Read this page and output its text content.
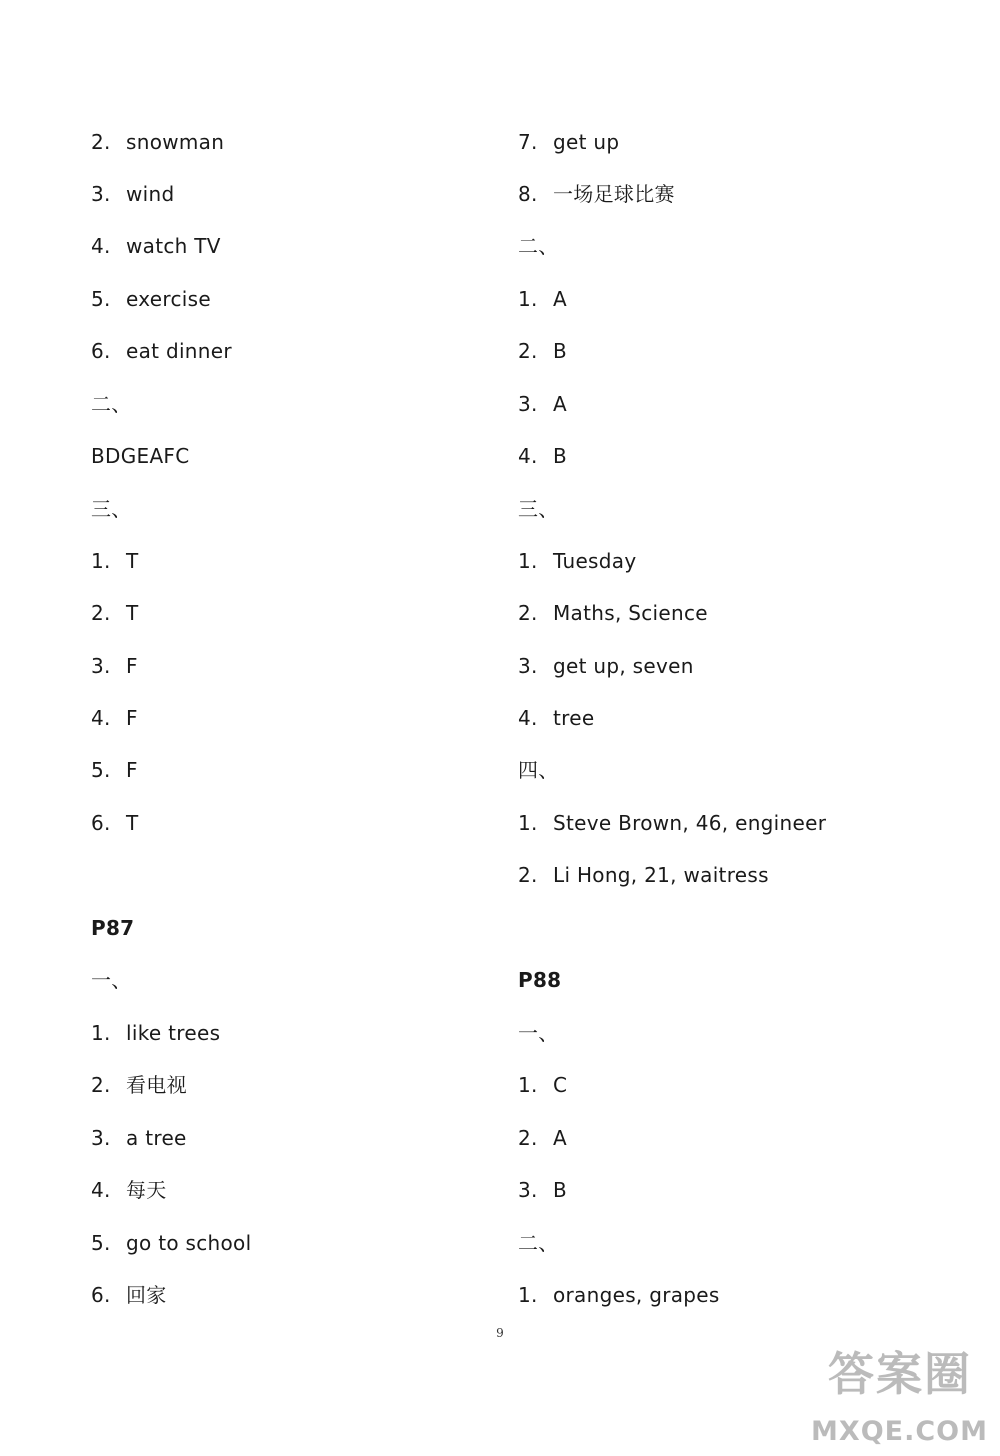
2. snowman
3. wind
4. watch TV
5. exercise
6. eat dinner
二、
BDGEAFC
三、
1. T
2. T
3. F
4. F
5. F
6. T
P87
一、
1. like trees
2. 看电视
3. a tree
4. 每天
5. go to school
6. 回家
7. get up
8. 一场足球比赛
二、
1. A
2. B
3. A
4. B
三、
1. Tuesday
2. Maths, Science
3. get up, seven
4. tree
四、
1. Steve Brown, 46, engineer
2. Li Hong, 21, waitress
P88
一、
1. C
2. A
3. B
二、
1. oranges, grapes
9
答案圈
MXQE.COM
